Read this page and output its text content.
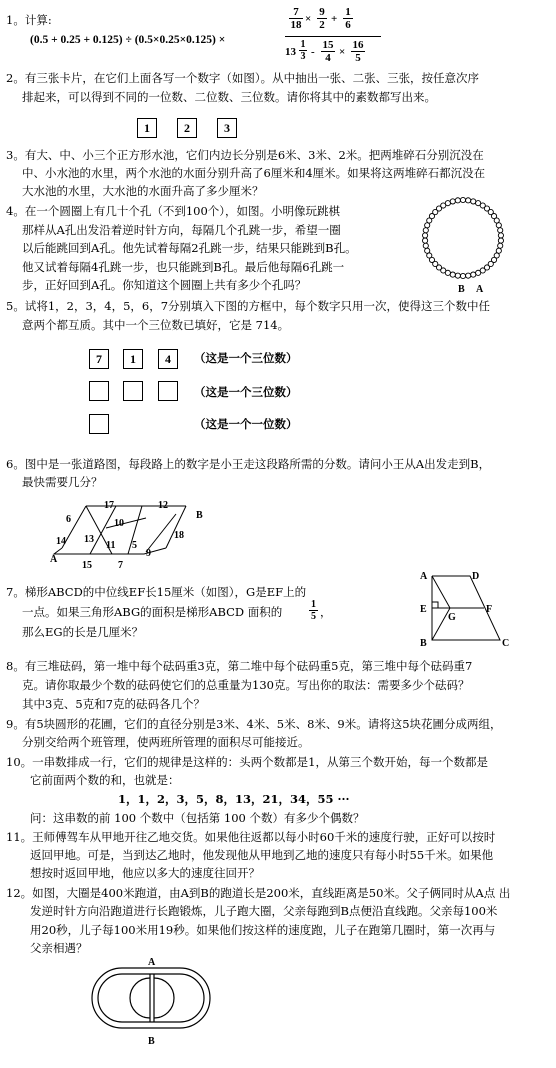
1。计算:
(0.5 + 0.25 + 0.125) ÷ (0.5×0.25×0.125) ×
$\frac{7}{18} \times \frac{9}{2} + \frac{1}{6}$
$13 \frac{1}{3} - \frac{15}{4} \times \frac{16}{5}$
2。有三张卡片，在它们上面各写一个数字（如图）。从中抽出一张、二张、三张，按任意次序
排起来，可以得到不同的一位数、二位数、三位数。请你将其中的素数都写出来。
1	2	3
3。有大、中、小三个正方形水池，它们内边长分别是6米、3米、2米。把两堆碎石分别沉没在
中、小水池的水里，两个水池的水面分别升高了6厘米和4厘米。如果将这两堆碎石都沉没在
大水池的水里，大水池的水面升高了多少厘米？
4。在一个圆圈上有几十个孔（不到100个），如图。小明像玩跳棋
那样从A孔出发沿着逆时针方向，每隔几个孔跳一步，希望一圈
以后能跳回到A孔。他先试着每隔2孔跳一步，结果只能跳到B孔。
他又试着每隔4孔跳一步，也只能跳到B孔。最后他每隔6孔跳一
步，正好回到A孔。你知道这个圆圈上共有多少个孔吗？	B A
5。试将1，2，3，4，5，6，7分别填入下图的方框中，每个数字只用一次，使得这三个数中任
意两个都互质。其中一个三位数已填好，它是 714。
7	1	4	（这是一个三位数）
（这是一个三位数）
（这是一个一位数）
6。图中是一张道路图，每段路上的数字是小王走这段路所需的分数。请问小王从A出发走到B，
最快需要几分？
17	12
6	10
18
14 13
11 5
9
15	7
A
B
7。梯形ABCD的中位线EF长15厘米（如图），G是EF上的
一点。如果三角形ABG的面积是梯形ABCD 面积的	$\frac{1}{5}$ ，
那么EG的长是几厘米？
A	D
E	F
G
B	C
8。有三堆砝码，第一堆中每个砝码重3克，第二堆中每个砝码重5克，第三堆中每个砝码重7
克。请你取最少个数的砝码使它们的总重量为130克。写出你的取法：需要多少个砝码？
其中3克、5克和7克的砝码各几个？
9。有5块圆形的花圃，它们的直径分别是3米、4米、5米、8米、9米。请将这5块花圃分成两组，
分别交给两个班管理，使两班所管理的面积尽可能接近。
10。一串数排成一行，它们的规律是这样的：头两个数都是1，从第三个数开始，每一个数都是
它前面两个数的和，也就是：
1，1，2，3，5，8，13，21，34，55 ···
问：这串数的前 100 个数中（包括第 100 个数）有多少个偶数？
11。王师傅驾车从甲地开往乙地交货。如果他往返都以每小时60千米的速度行驶，正好可以按时
返回甲地。可是，当到达乙地时，他发现他从甲地到乙地的速度只有每小时55千米。如果他
想按时返回甲地，他应以多大的速度往回开？
12。如图，大圈是400米跑道，由A到B的跑道长是200米，直线距离是50米。父子俩同时从A点 出
发逆时针方向沿跑道进行长跑锻炼，儿子跑大圈，父亲每跑到B点便沿直线跑。父亲每100米
用20秒，儿子每100米用19秒。如果他们按这样的速度跑，儿子在跑第几圈时，第一次再与
父亲相遇？
A
B
